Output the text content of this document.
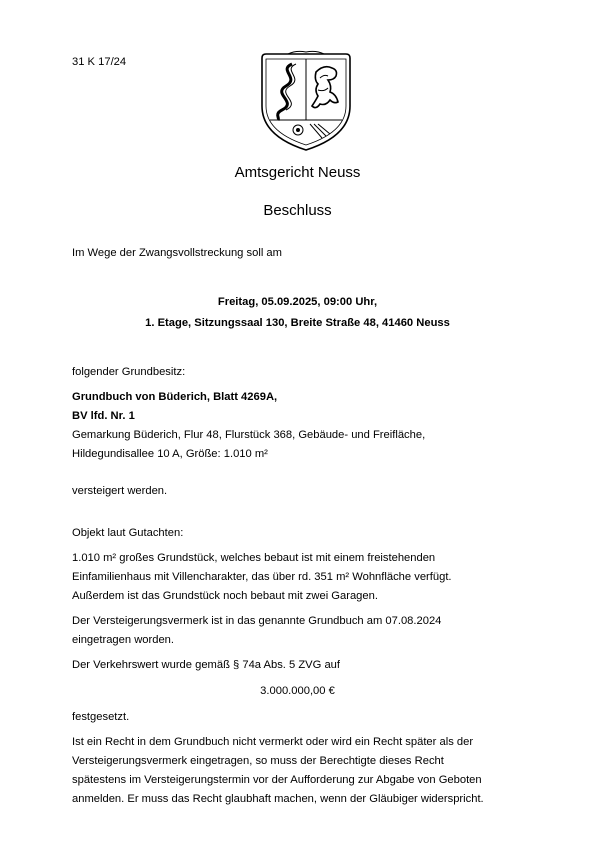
31 K 17/24
Amtsgericht Neuss
Beschluss
Im Wege der Zwangsvollstreckung soll am
Freitag, 05.09.2025, 09:00 Uhr,
1. Etage, Sitzungssaal 130, Breite Straße 48, 41460 Neuss
folgender Grundbesitz:
Grundbuch von Büderich, Blatt 4269A,
BV lfd. Nr. 1
Gemarkung Büderich, Flur 48, Flurstück 368, Gebäude- und Freifläche,
Hildegundisallee 10 A, Größe: 1.010 m²
versteigert werden.
Objekt laut Gutachten:
1.010 m² großes Grundstück, welches bebaut ist mit einem freistehenden
Einfamilienhaus mit Villencharakter, das über rd. 351 m² Wohnfläche verfügt.
Außerdem ist das Grundstück noch bebaut mit zwei Garagen.
Der Versteigerungsvermerk ist in das genannte Grundbuch am 07.08.2024
eingetragen worden.
Der Verkehrswert wurde gemäß § 74a Abs. 5 ZVG auf
3.000.000,00 €
festgesetzt.
Ist ein Recht in dem Grundbuch nicht vermerkt oder wird ein Recht später als der
Versteigerungsvermerk eingetragen, so muss der Berechtigte dieses Recht
spätestens im Versteigerungstermin vor der Aufforderung zur Abgabe von Geboten
anmelden. Er muss das Recht glaubhaft machen, wenn der Gläubiger widerspricht.
